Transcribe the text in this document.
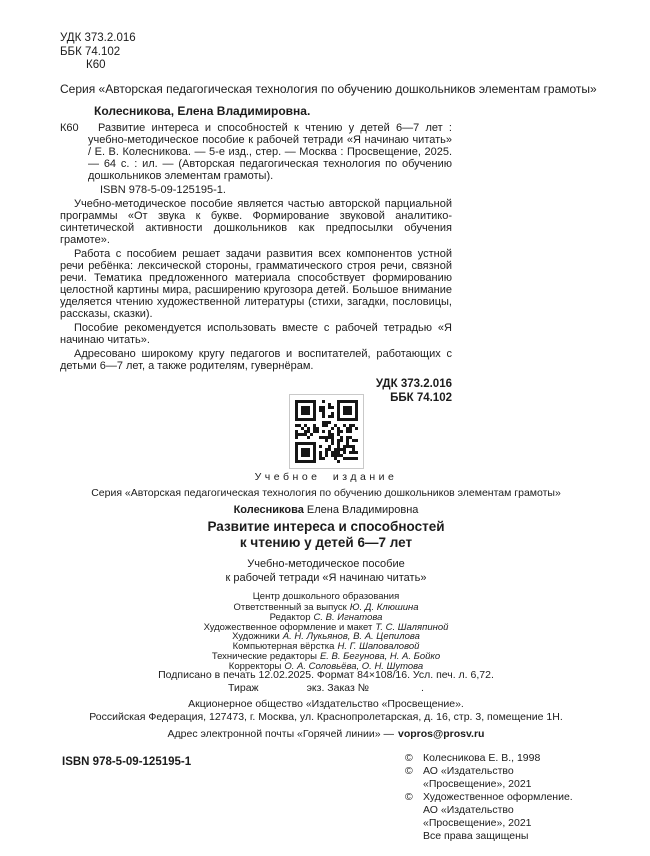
УДК 373.2.016
ББК 74.102
К60
Серия «Авторская педагогическая технология по обучению дошкольников элементам грамоты»
Колесникова, Елена Владимировна.
К60 Развитие интереса и способностей к чтению у детей 6—7 лет : учебно-методическое пособие к рабочей тетради «Я начинаю читать» / Е. В. Колесникова. — 5-е изд., стер. — Москва : Просвещение, 2025. — 64 с. : ил. — (Авторская педагогическая технология по обучению дошкольников элементам грамоты).
ISBN 978-5-09-125195-1.

Учебно-методическое пособие является частью авторской парциальной программы «От звука к букве. Формирование звуковой аналитико-синтетической активности дошкольников как предпосылки обучения грамоте».

Работа с пособием решает задачи развития всех компонентов устной речи ребёнка: лексической стороны, грамматического строя речи, связной речи. Тематика предложенного материала способствует формированию целостной картины мира, расширению кругозора детей. Большое внимание уделяется чтению художественной литературы (стихи, загадки, пословицы, рассказы, сказки).

Пособие рекомендуется использовать вместе с рабочей тетрадью «Я начинаю читать».

Адресовано широкому кругу педагогов и воспитателей, работающих с детьми 6—7 лет, а также родителям, гувернёрам.

УДК 373.2.016
ББК 74.102
Учебное издание
Серия «Авторская педагогическая технология по обучению дошкольников элементам грамоты»
Колесникова Елена Владимировна
Развитие интереса и способностей
к чтению у детей 6—7 лет
Учебно-методическое пособие
к рабочей тетради «Я начинаю читать»
Центр дошкольного образования
Ответственный за выпуск Ю. Д. Клюшина
Редактор С. В. Игнатова
Художественное оформление и макет Т. С. Шаляпиной
Художники А. Н. Лукьянов, В. А. Цепилова
Компьютерная вёрстка Н. Г. Шаповаловой
Технические редакторы Е. В. Бегунова, Н. А. Бойко
Корректоры О. А. Соловьёва, О. Н. Шутова
Подписано в печать 12.02.2025. Формат 84×108/16. Усл. печ. л. 6,72.
Тираж	экз. Заказ №	.
Акционерное общество «Издательство «Просвещение».
Российская Федерация, 127473, г. Москва, ул. Краснопролетарская, д. 16, стр. 3, помещение 1Н.
Адрес электронной почты «Горячей линии» — vopros@prosv.ru
ISBN 978-5-09-125195-1	© Колесникова Е. В., 1998
© АО «Издательство «Просвещение», 2021
© Художественное оформление.
АО «Издательство «Просвещение», 2021
Все права защищены
